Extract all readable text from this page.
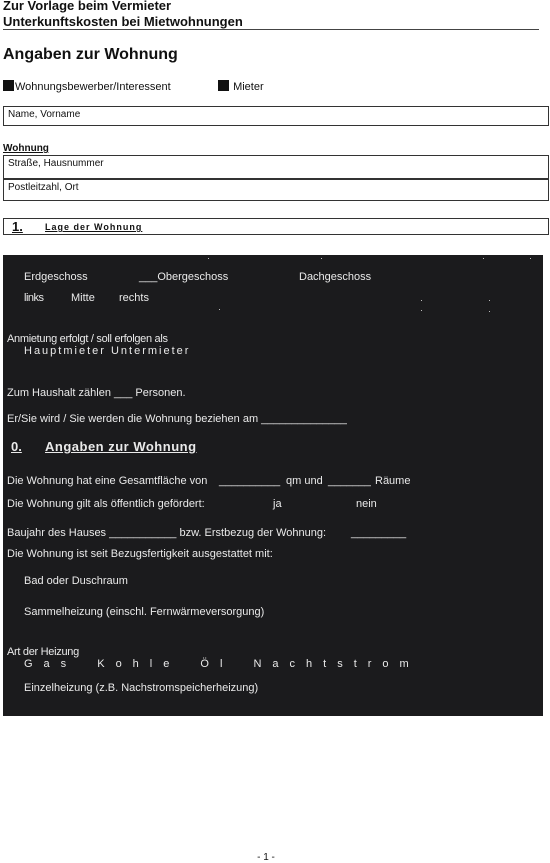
Zur Vorlage beim Vermieter
Unterkunftskosten bei Mietwohnungen
Angaben zur Wohnung
Wohnungsbewerber/Interessent	Mieter
Name, Vorname
Wohnung
Straße, Hausnummer
Postleitzahl, Ort
1. Lage der Wohnung
Erdgeschoss	___Obergeschoss	Dachgeschoss
links Mitte rechts
Anmietung erfolgt / soll erfolgen als
Hauptmieter Untermieter
Zum Haushalt zählen ___ Personen.
Er/Sie wird / Sie werden die Wohnung beziehen am ______________
0. Angaben zur Wohnung
Die Wohnung hat eine Gesamtfläche von __________ qm und _______ Räume
Die Wohnung gilt als öffentlich gefördert:	ja	nein
Baujahr des Hauses ___________ bzw. Erstbezug der Wohnung: _________
Die Wohnung ist seit Bezugsfertigkeit ausgestattet mit:
Bad oder Duschraum
Sammelheizung (einschl. Fernwärmeversorgung)
Art der Heizung
Gas Kohle Öl Nachtstrom
Einzelheizung (z.B. Nachstromspeicherheizung)
- 1 -
